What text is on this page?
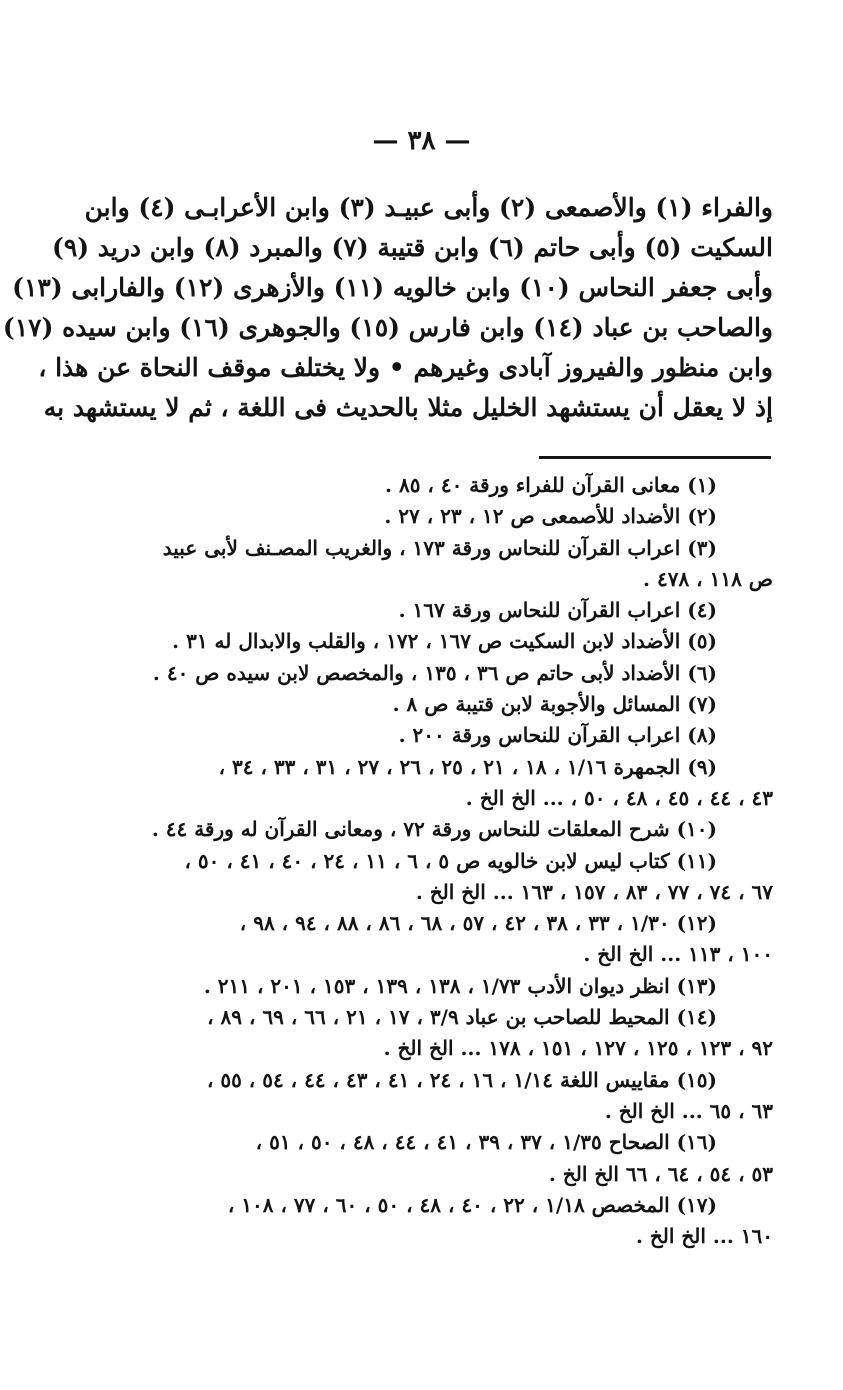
— ٣٨ —
والفراء (١) والأصمعى (٢) وأبى عبيـد (٣) وابن الأعرابـى (٤) وابن
السكيت (٥) وأبى حاتم (٦) وابن قتيبة (٧) والمبرد (٨) وابن دريد (٩)
وأبى جعفر النحاس (١٠) وابن خالويه (١١) والأزهرى (١٢) والفارابى (١٣)
والصاحب بن عباد (١٤) وابن فارس (١٥) والجوهرى (١٦) وابن سيده (١٧)
وابن منظور والفيروز آبادى وغيرهم • ولا يختلف موقف النحاة عن هذا ،
إذ لا يعقل أن يستشهد الخليل مثلا بالحديث فى اللغة ، ثم لا يستشهد به
(١) معانى القرآن للفراء ورقة ٤٠ ، ٨٥ .
(٢) الأضداد للأصمعى ص ١٢ ، ٢٣ ، ٢٧ .
(٣) اعراب القرآن للنحاس ورقة ١٧٣ ، والغريب المصـنف لأبى عبيد
ص ١١٨ ، ٤٧٨ .
(٤) اعراب القرآن للنحاس ورقة ١٦٧ .
(٥) الأضداد لابن السكيت ص ١٦٧ ، ١٧٢ ، والقلب والابدال له ٣١ .
(٦) الأضداد لأبى حاتم ص ٣٦ ، ١٣٥ ، والمخصص لابن سيده ص ٤٠ .
(٧) المسائل والأجوبة لابن قتيبة ص ٨ .
(٨) اعراب القرآن للنحاس ورقة ٢٠٠ .
(٩) الجمهرة ١/١٦ ، ١٨ ، ٢١ ، ٢٥ ، ٢٦ ، ٢٧ ، ٣١ ، ٣٣ ، ٣٤ ،
٤٣ ، ٤٤ ، ٤٥ ، ٤٨ ، ٥٠ ، ... الخ الخ .
(١٠) شرح المعلقات للنحاس ورقة ٧٢ ، ومعانى القرآن له ورقة ٤٤ .
(١١) كتاب ليس لابن خالويه ص ٥ ، ٦ ، ١١ ، ٢٤ ، ٤٠ ، ٤١ ، ٥٠ ،
٦٧ ، ٧٤ ، ٧٧ ، ٨٣ ، ١٥٧ ، ١٦٣ ... الخ الخ .
(١٢) ١/٣٠ ، ٣٣ ، ٣٨ ، ٤٢ ، ٥٧ ، ٦٨ ، ٨٦ ، ٨٨ ، ٩٤ ، ٩٨ ،
١٠٠ ، ١١٣ ... الخ الخ .
(١٣) انظر ديوان الأدب ١/٧٣ ، ١٣٨ ، ١٣٩ ، ١٥٣ ، ٢٠١ ، ٢١١ .
(١٤) المحيط للصاحب بن عباد ٣/٩ ، ١٧ ، ٢١ ، ٦٦ ، ٦٩ ، ٨٩ ،
٩٢ ، ١٢٣ ، ١٢٥ ، ١٢٧ ، ١٥١ ، ١٧٨ ... الخ الخ .
(١٥) مقاييس اللغة ١/١٤ ، ١٦ ، ٢٤ ، ٤١ ، ٤٣ ، ٤٤ ، ٥٤ ، ٥٥ ،
٦٣ ، ٦٥ ... الخ الخ .
(١٦) الصحاح ١/٣٥ ، ٣٧ ، ٣٩ ، ٤١ ، ٤٤ ، ٤٨ ، ٥٠ ، ٥١ ،
٥٣ ، ٥٤ ، ٦٤ ، ٦٦ الخ الخ .
(١٧) المخصص ١/١٨ ، ٢٢ ، ٤٠ ، ٤٨ ، ٥٠ ، ٦٠ ، ٧٧ ، ١٠٨ ،
١٦٠ ... الخ الخ .
